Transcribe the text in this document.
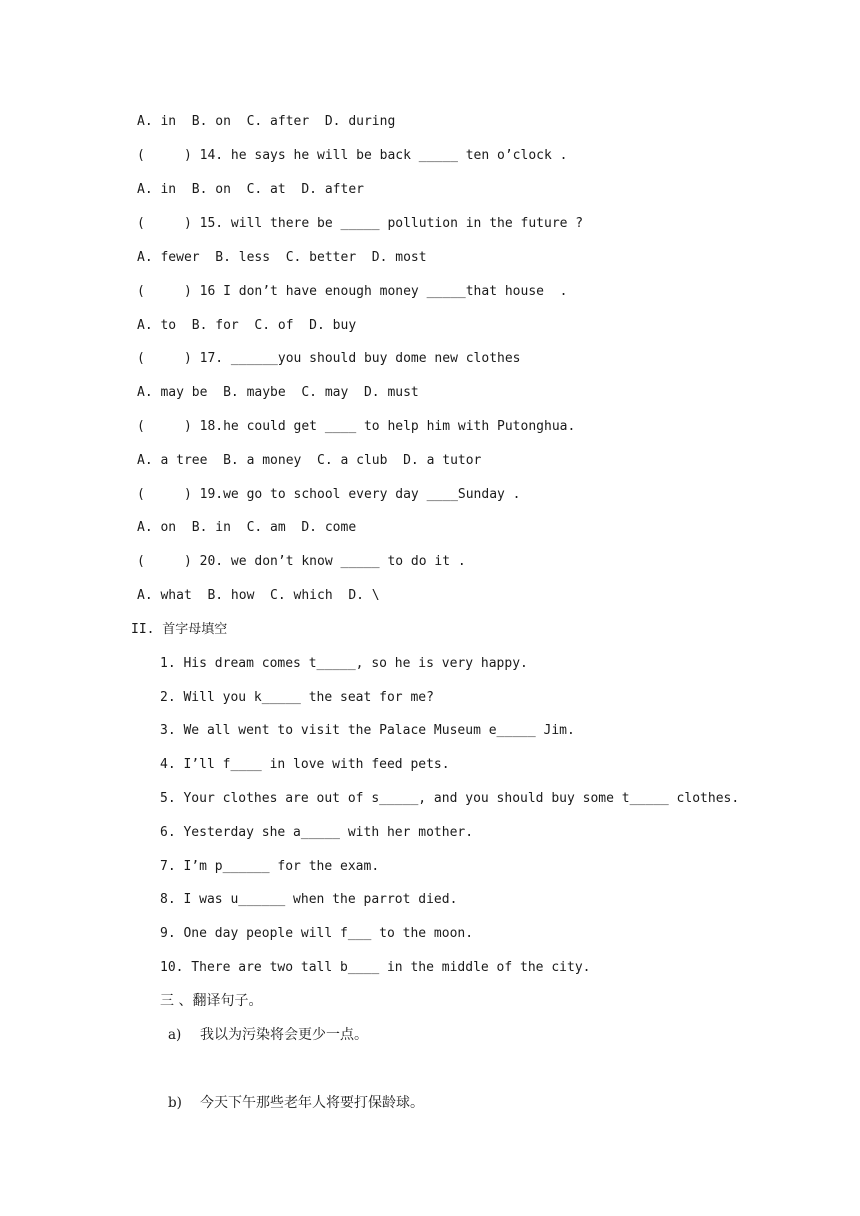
A. in  B. on  C. after  D. during
(     ) 14. he says he will be back _____ ten o’clock .
A. in  B. on  C. at  D. after
(     ) 15. will there be _____ pollution in the future ?
A. fewer  B. less  C. better  D. most
(     ) 16 I don’t have enough money _____that house  .
A. to  B. for  C. of  D. buy
(     ) 17. ______you should buy dome new clothes
A. may be  B. maybe  C. may  D. must
(     ) 18.he could get ____ to help him with Putonghua.
A. a tree  B. a money  C. a club  D. a tutor
(     ) 19.we go to school every day ____Sunday .
A. on  B. in  C. am  D. come
(     ) 20. we don’t know _____ to do it .
A. what  B. how  C. which  D. \
II. 首字母填空
1. His dream comes t_____, so he is very happy.
2. Will you k_____ the seat for me?
3. We all went to visit the Palace Museum e_____ Jim.
4. I’ll f____ in love with feed pets.
5. Your clothes are out of s_____, and you should buy some t_____ clothes.
6. Yesterday she a_____ with her mother.
7. I’m p______ for the exam.
8. I was u______ when the parrot died.
9. One day people will f___ to the moon.
10. There are two tall b____ in the middle of the city.
三 、翻译句子。
a) 我以为污染将会更少一点。
b) 今天下午那些老年人将要打保龄球。
